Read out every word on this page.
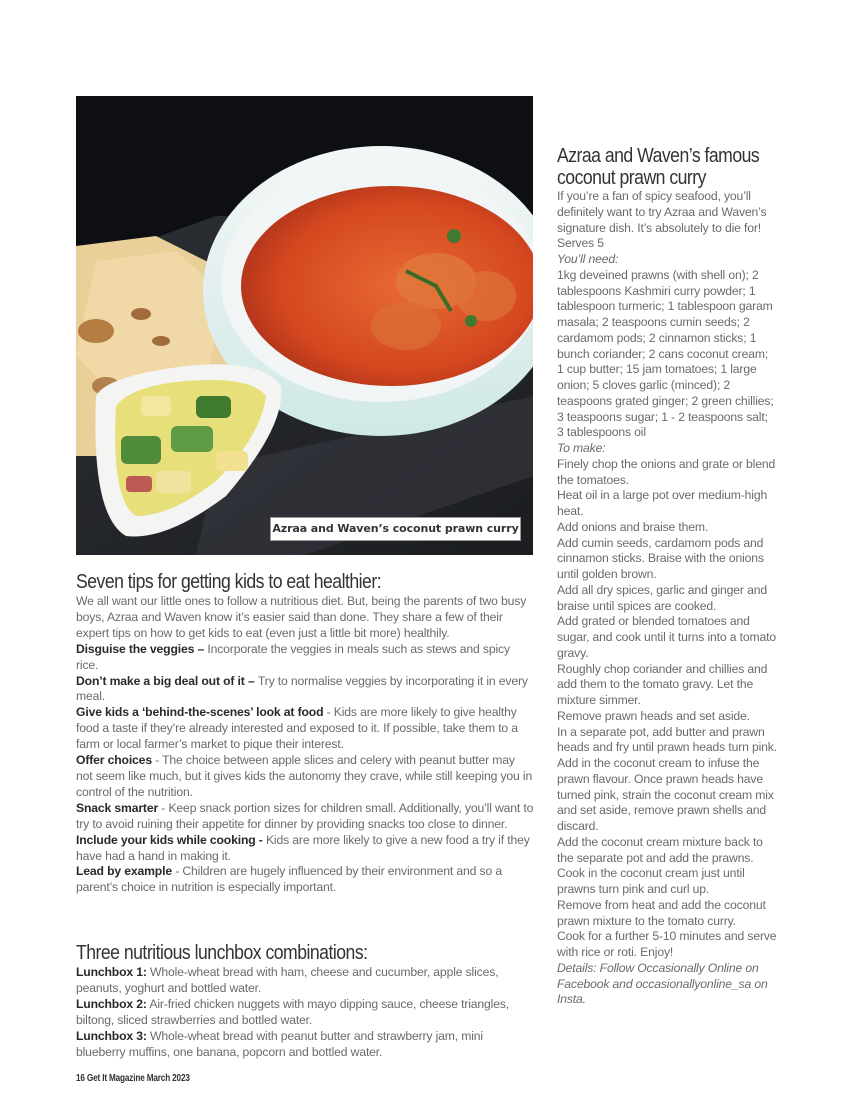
Azraa and Waven’s coconut prawn curry
Seven tips for getting kids to eat healthier:

We all want our little ones to follow a nutritious diet. But, being the parents of two busy boys, Azraa and Waven know it’s easier said than done. They share a few of their expert tips on how to get kids to eat (even just a little bit more) healthily.

Disguise the veggies – Incorporate the veggies in meals such as stews and spicy rice.

Don’t make a big deal out of it – Try to normalise veggies by incorporating it in every meal.

Give kids a ‘behind-the-scenes’ look at food - Kids are more likely to give healthy food a taste if they’re already interested and exposed to it. If possible, take them to a farm or local farmer’s market to pique their interest.

Offer choices - The choice between apple slices and celery with peanut butter may not seem like much, but it gives kids the autonomy they crave, while still keeping you in control of the nutrition.

Snack smarter - Keep snack portion sizes for children small. Additionally, you’ll want to try to avoid ruining their appetite for dinner by providing snacks too close to dinner.

Include your kids while cooking - Kids are more likely to give a new food a try if they have had a hand in making it.

Lead by example - Children are hugely influenced by their environment and so a parent’s choice in nutrition is especially important.

Three nutritious lunchbox combinations:

Lunchbox 1: Whole-wheat bread with ham, cheese and cucumber, apple slices, peanuts, yoghurt and bottled water.

Lunchbox 2: Air-fried chicken nuggets with mayo dipping sauce, cheese triangles, biltong, sliced strawberries and bottled water.

Lunchbox 3: Whole-wheat bread with peanut butter and strawberry jam, mini blueberry muffins, one banana, popcorn and bottled water.

Azraa and Waven’s famous
coconut prawn curry

If you’re a fan of spicy seafood, you’ll definitely want to try Azraa and Waven’s signature dish. It’s absolutely to die for! Serves 5

You’ll need:

1kg deveined prawns (with shell on); 2 tablespoons Kashmiri curry powder; 1 tablespoon turmeric; 1 tablespoon garam masala; 2 teaspoons cumin seeds; 2 cardamom pods; 2 cinnamon sticks; 1 bunch coriander; 2 cans coconut cream; 1 cup butter; 15 jam tomatoes; 1 large onion; 5 cloves garlic (minced); 2 teaspoons grated ginger; 2 green chillies; 3 teaspoons sugar; 1 - 2 teaspoons salt; 3 tablespoons oil

To make:

Finely chop the onions and grate or blend the tomatoes.

Heat oil in a large pot over medium-high heat.

Add onions and braise them.

Add cumin seeds, cardamom pods and cinnamon sticks. Braise with the onions until golden brown.

Add all dry spices, garlic and ginger and braise until spices are cooked.

Add grated or blended tomatoes and sugar, and cook until it turns into a tomato gravy.

Roughly chop coriander and chillies and add them to the tomato gravy. Let the mixture simmer.

Remove prawn heads and set aside.

In a separate pot, add butter and prawn heads and fry until prawn heads turn pink.

Add in the coconut cream to infuse the prawn flavour. Once prawn heads have turned pink, strain the coconut cream mix and set aside, remove prawn shells and discard.

Add the coconut cream mixture back to the separate pot and add the prawns. Cook in the coconut cream just until prawns turn pink and curl up.

Remove from heat and add the coconut prawn mixture to the tomato curry.

Cook for a further 5-10 minutes and serve with rice or roti. Enjoy!

Details: Follow Occasionally Online on Facebook and occasionallyonline_sa on Insta.

16 Get It Magazine March 2023
